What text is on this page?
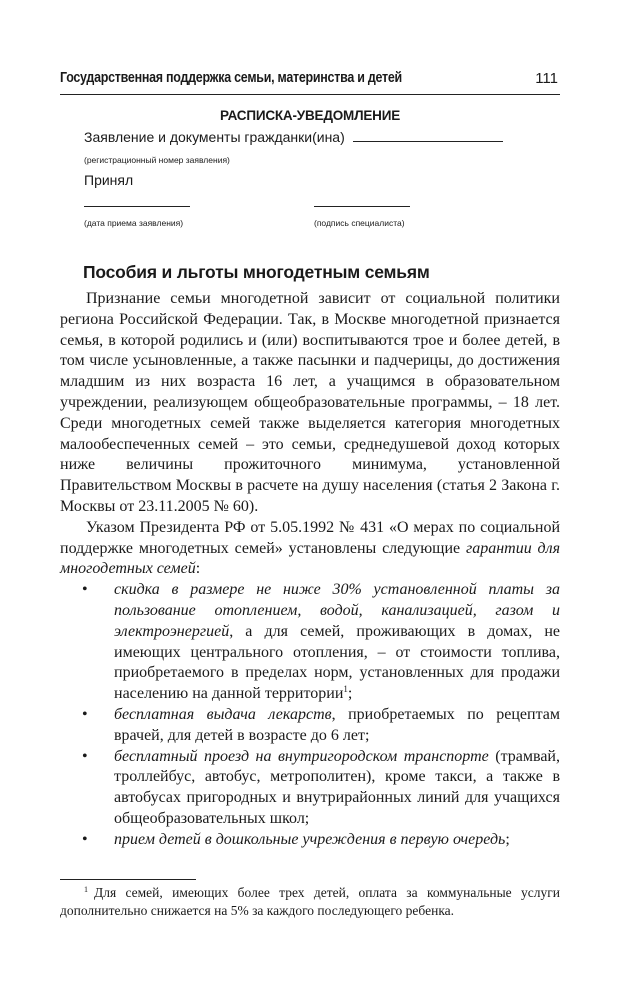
Государственная поддержка семьи, материнства и детей	111
РАСПИСКА-УВЕДОМЛЕНИЕ
Заявление и документы гражданки(ина)
(регистрационный номер заявления)
Принял
(дата приема заявления)	(подпись специалиста)
Пособия и льготы многодетным семьям

Признание семьи многодетной зависит от социальной политики региона Российской Федерации. Так, в Москве многодетной признается семья, в которой родились и (или) воспитываются трое и более детей, в том числе усыновленные, а также пасынки и падчерицы, до достижения младшим из них возраста 16 лет, а учащимся в образовательном учреждении, реализующем общеобразовательные программы, – 18 лет. Среди многодетных семей также выделяется категория многодетных малообеспеченных семей – это семьи, среднедушевой доход которых ниже величины прожиточного минимума, установленной Правительством Москвы в расчете на душу населения (статья 2 Закона г. Москвы от 23.11.2005 № 60).

Указом Президента РФ от 5.05.1992 № 431 «О мерах по социальной поддержке многодетных семей» установлены следующие гарантии для многодетных семей:

• скидка в размере не ниже 30% установленной платы за пользование отоплением, водой, канализацией, газом и электроэнергией, а для семей, проживающих в домах, не имеющих центрального отопления, – от стоимости топлива, приобретаемого в пределах норм, установленных для продажи населению на данной территории$^1$;
• бесплатная выдача лекарств, приобретаемых по рецептам врачей, для детей в возрасте до 6 лет;
• бесплатный проезд на внутригородском транспорте (трамвай, троллейбус, автобус, метрополитен), кроме такси, а также в автобусах пригородных и внутрирайонных линий для учащихся общеобразовательных школ;
• прием детей в дошкольные учреждения в первую очередь;

$^1$ Для семей, имеющих более трех детей, оплата за коммунальные услуги дополнительно снижается на 5% за каждого последующего ребенка.
